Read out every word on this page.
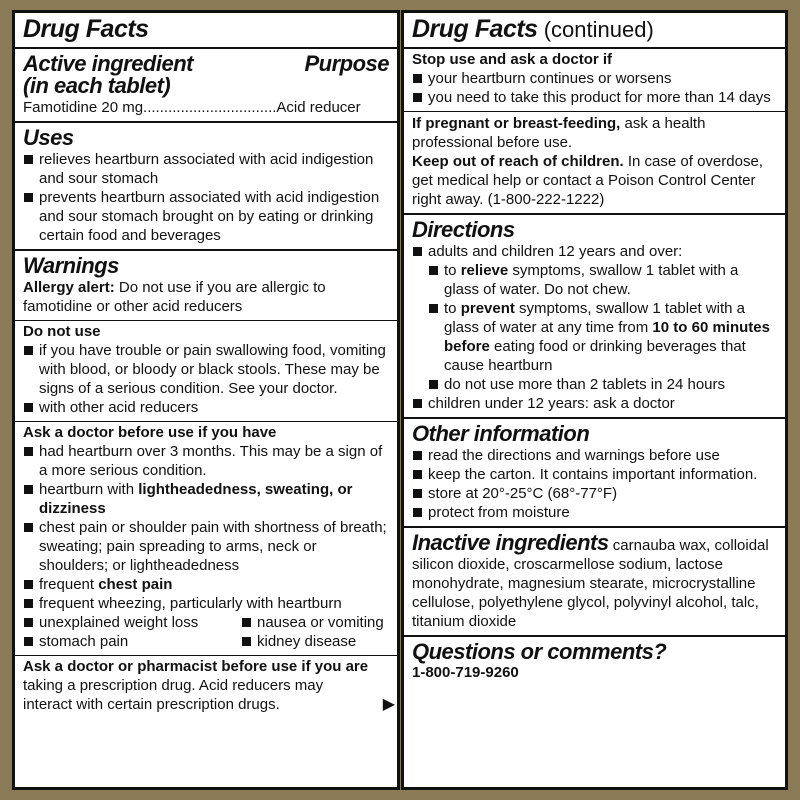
Drug Facts
Active ingredient
(in each tablet)
Purpose
Famotidine 20 mg................................Acid reducer
Uses
relieves heartburn associated with acid indigestion and sour stomach
prevents heartburn associated with acid indigestion and sour stomach brought on by eating or drinking certain food and beverages
Warnings
Allergy alert: Do not use if you are allergic to famotidine or other acid reducers
Do not use
if you have trouble or pain swallowing food, vomiting with blood, or bloody or black stools. These may be signs of a serious condition. See your doctor.
with other acid reducers
Ask a doctor before use if you have
had heartburn over 3 months. This may be a sign of a more serious condition.
heartburn with lightheadedness, sweating, or dizziness
chest pain or shoulder pain with shortness of breath; sweating; pain spreading to arms, neck or shoulders; or lightheadedness
frequent chest pain
frequent wheezing, particularly with heartburn
unexplained weight loss	nausea or vomiting
stomach pain	kidney disease
Ask a doctor or pharmacist before use if you are
taking a prescription drug. Acid reducers may interact with certain prescription drugs.	▶
Drug Facts (continued)
Stop use and ask a doctor if
your heartburn continues or worsens
you need to take this product for more than 14 days
If pregnant or breast-feeding, ask a health professional before use.
Keep out of reach of children. In case of overdose, get medical help or contact a Poison Control Center right away. (1-800-222-1222)
Directions
adults and children 12 years and over:
to relieve symptoms, swallow 1 tablet with a glass of water. Do not chew.
to prevent symptoms, swallow 1 tablet with a glass of water at any time from 10 to 60 minutes before eating food or drinking beverages that cause heartburn
do not use more than 2 tablets in 24 hours
children under 12 years: ask a doctor
Other information
read the directions and warnings before use
keep the carton. It contains important information.
store at 20°-25°C (68°-77°F)
protect from moisture
Inactive ingredients carnauba wax, colloidal silicon dioxide, croscarmellose sodium, lactose monohydrate, magnesium stearate, microcrystalline cellulose, polyethylene glycol, polyvinyl alcohol, talc, titanium dioxide
Questions or comments?
1-800-719-9260
